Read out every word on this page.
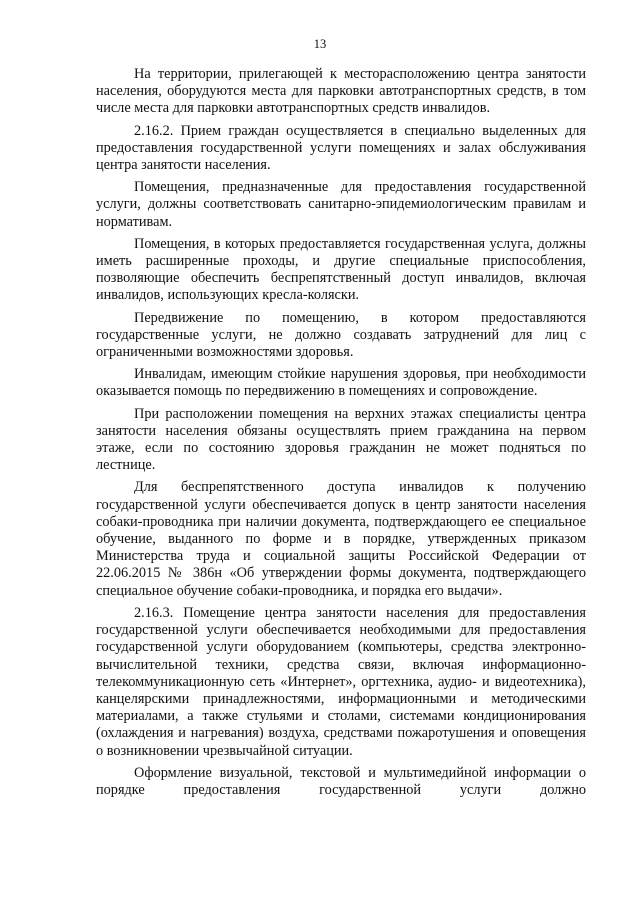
13

На территории, прилегающей к месторасположению центра занятости населения, оборудуются места для парковки автотранспортных средств, в том числе места для парковки автотранспортных средств инвалидов.

2.16.2. Прием граждан осуществляется в специально выделенных для предоставления государственной услуги помещениях и залах обслуживания центра занятости населения.

Помещения, предназначенные для предоставления государственной услуги, должны соответствовать санитарно-эпидемиологическим правилам и нормативам.

Помещения, в которых предоставляется государственная услуга, должны иметь расширенные проходы, и другие специальные приспособления, позволяющие обеспечить беспрепятственный доступ инвалидов, включая инвалидов, использующих кресла-коляски.

Передвижение по помещению, в котором предоставляются государственные услуги, не должно создавать затруднений для лиц с ограниченными возможностями здоровья.

Инвалидам, имеющим стойкие нарушения здоровья, при необходимости оказывается помощь по передвижению в помещениях и сопровождение.

При расположении помещения на верхних этажах специалисты центра занятости населения обязаны осуществлять прием гражданина на первом этаже, если по состоянию здоровья гражданин не может подняться по лестнице.

Для беспрепятственного доступа инвалидов к получению государственной услуги обеспечивается допуск в центр занятости населения собаки-проводника при наличии документа, подтверждающего ее специальное обучение, выданного по форме и в порядке, утвержденных приказом Министерства труда и социальной защиты Российской Федерации от 22.06.2015 № 386н «Об утверждении формы документа, подтверждающего специальное обучение собаки-проводника, и порядка его выдачи».

2.16.3. Помещение центра занятости населения для предоставления государственной услуги обеспечивается необходимыми для предоставления государственной услуги оборудованием (компьютеры, средства электронно-вычислительной техники, средства связи, включая информационно-телекоммуникационную сеть «Интернет», оргтехника, аудио- и видеотехника), канцелярскими принадлежностями, информационными и методическими материалами, а также стульями и столами, системами кондиционирования (охлаждения и нагревания) воздуха, средствами пожаротушения и оповещения о возникновении чрезвычайной ситуации.

Оформление визуальной, текстовой и мультимедийной информации о порядке предоставления государственной услуги должно
